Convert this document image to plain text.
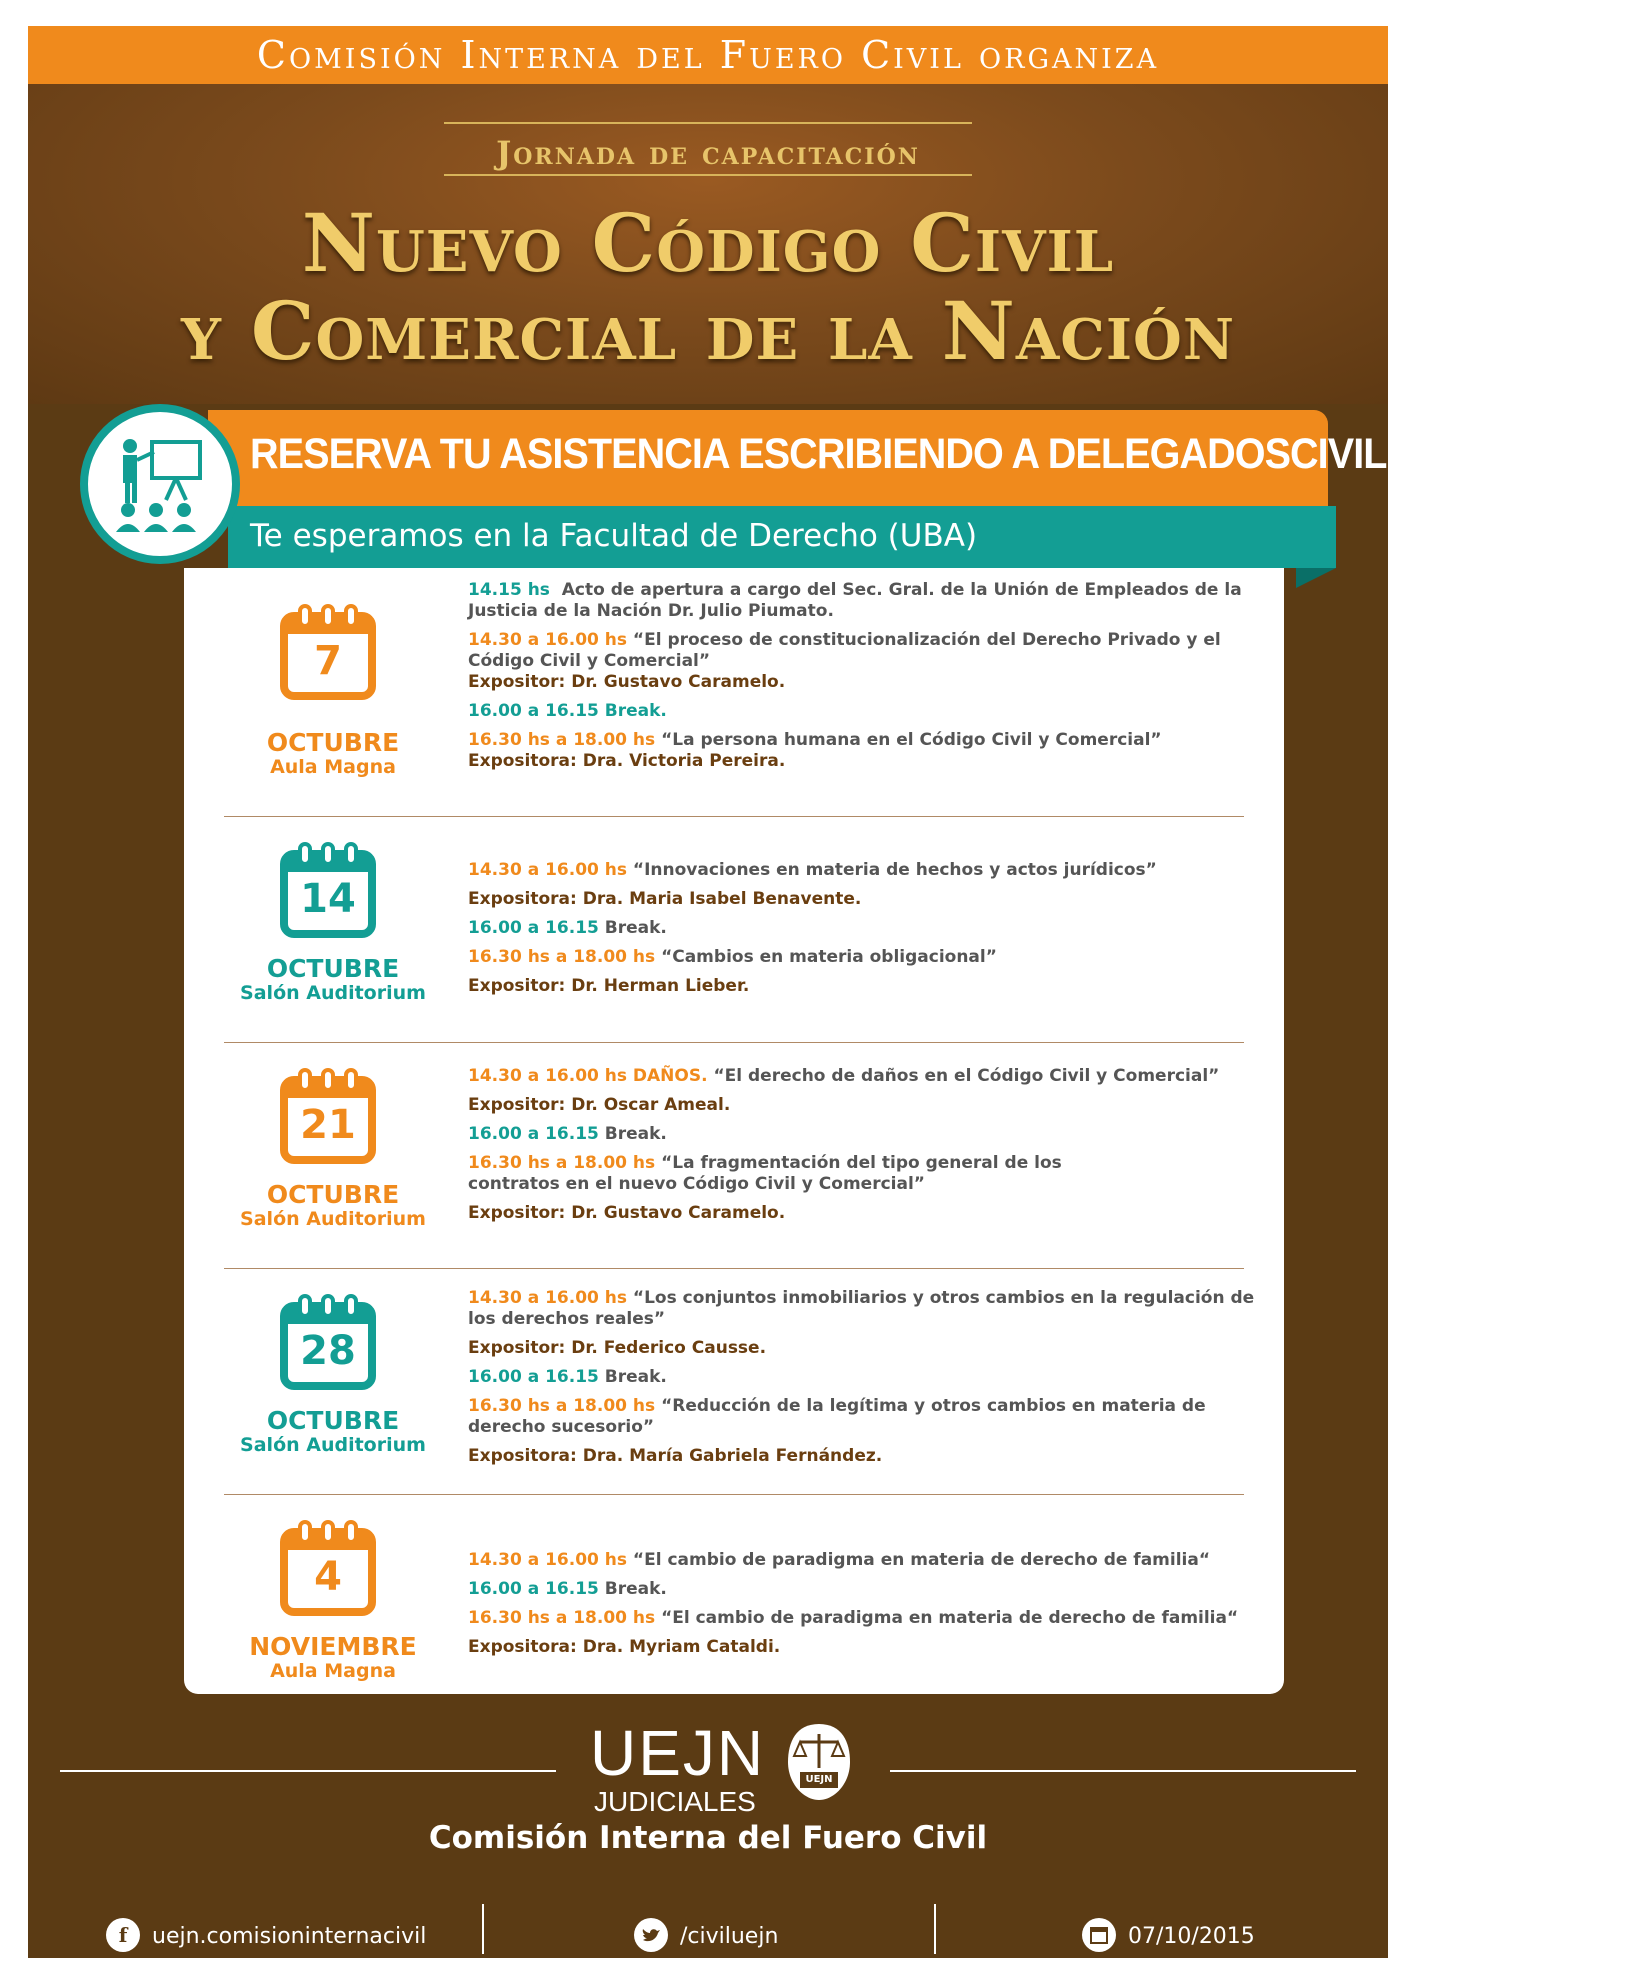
Comisión Interna del Fuero Civil organiza
Jornada de capacitación
Nuevo Código Civil
y Comercial de la Nación
RESERVA TU ASISTENCIA ESCRIBIENDO A DELEGADOSCIVIL@GMAIL.COM
Te esperamos en la Facultad de Derecho (UBA)
7
OCTUBRE
Aula Magna
14.15 hs Acto de apertura a cargo del Sec. Gral. de la Unión de Empleados de la Justicia de la Nación Dr. Julio Piumato.
14.30 a 16.00 hs “El proceso de constitucionalización del Derecho Privado y el Código Civil y Comercial”
Expositor: Dr. Gustavo Caramelo.
16.00 a 16.15 Break.
16.30 hs a 18.00 hs “La persona humana en el Código Civil y Comercial”
Expositora: Dra. Victoria Pereira.
14
OCTUBRE
Salón Auditorium
14.30 a 16.00 hs “Innovaciones en materia de hechos y actos jurídicos”
Expositora: Dra. Maria Isabel Benavente.
16.00 a 16.15 Break.
16.30 hs a 18.00 hs “Cambios en materia obligacional”
Expositor: Dr. Herman Lieber.
21
OCTUBRE
Salón Auditorium
14.30 a 16.00 hs DAÑOS. “El derecho de daños en el Código Civil y Comercial”
Expositor: Dr. Oscar Ameal.
16.00 a 16.15 Break.
16.30 hs a 18.00 hs “La fragmentación del tipo general de los contratos en el nuevo Código Civil y Comercial”
Expositor: Dr. Gustavo Caramelo.
28
OCTUBRE
Salón Auditorium
14.30 a 16.00 hs “Los conjuntos inmobiliarios y otros cambios en la regulación de los derechos reales”
Expositor: Dr. Federico Causse.
16.00 a 16.15 Break.
16.30 hs a 18.00 hs “Reducción de la legítima y otros cambios en materia de derecho sucesorio”
Expositora: Dra. María Gabriela Fernández.
4
NOVIEMBRE
Aula Magna
14.30 a 16.00 hs “El cambio de paradigma en materia de derecho de familia“
16.00 a 16.15 Break.
16.30 hs a 18.00 hs “El cambio de paradigma en materia de derecho de familia“
Expositora: Dra. Myriam Cataldi.
UEJN
JUDICIALES
UEJN
Comisión Interna del Fuero Civil
f	uejn.comisioninternacivil	/civiluejn	07/10/2015
